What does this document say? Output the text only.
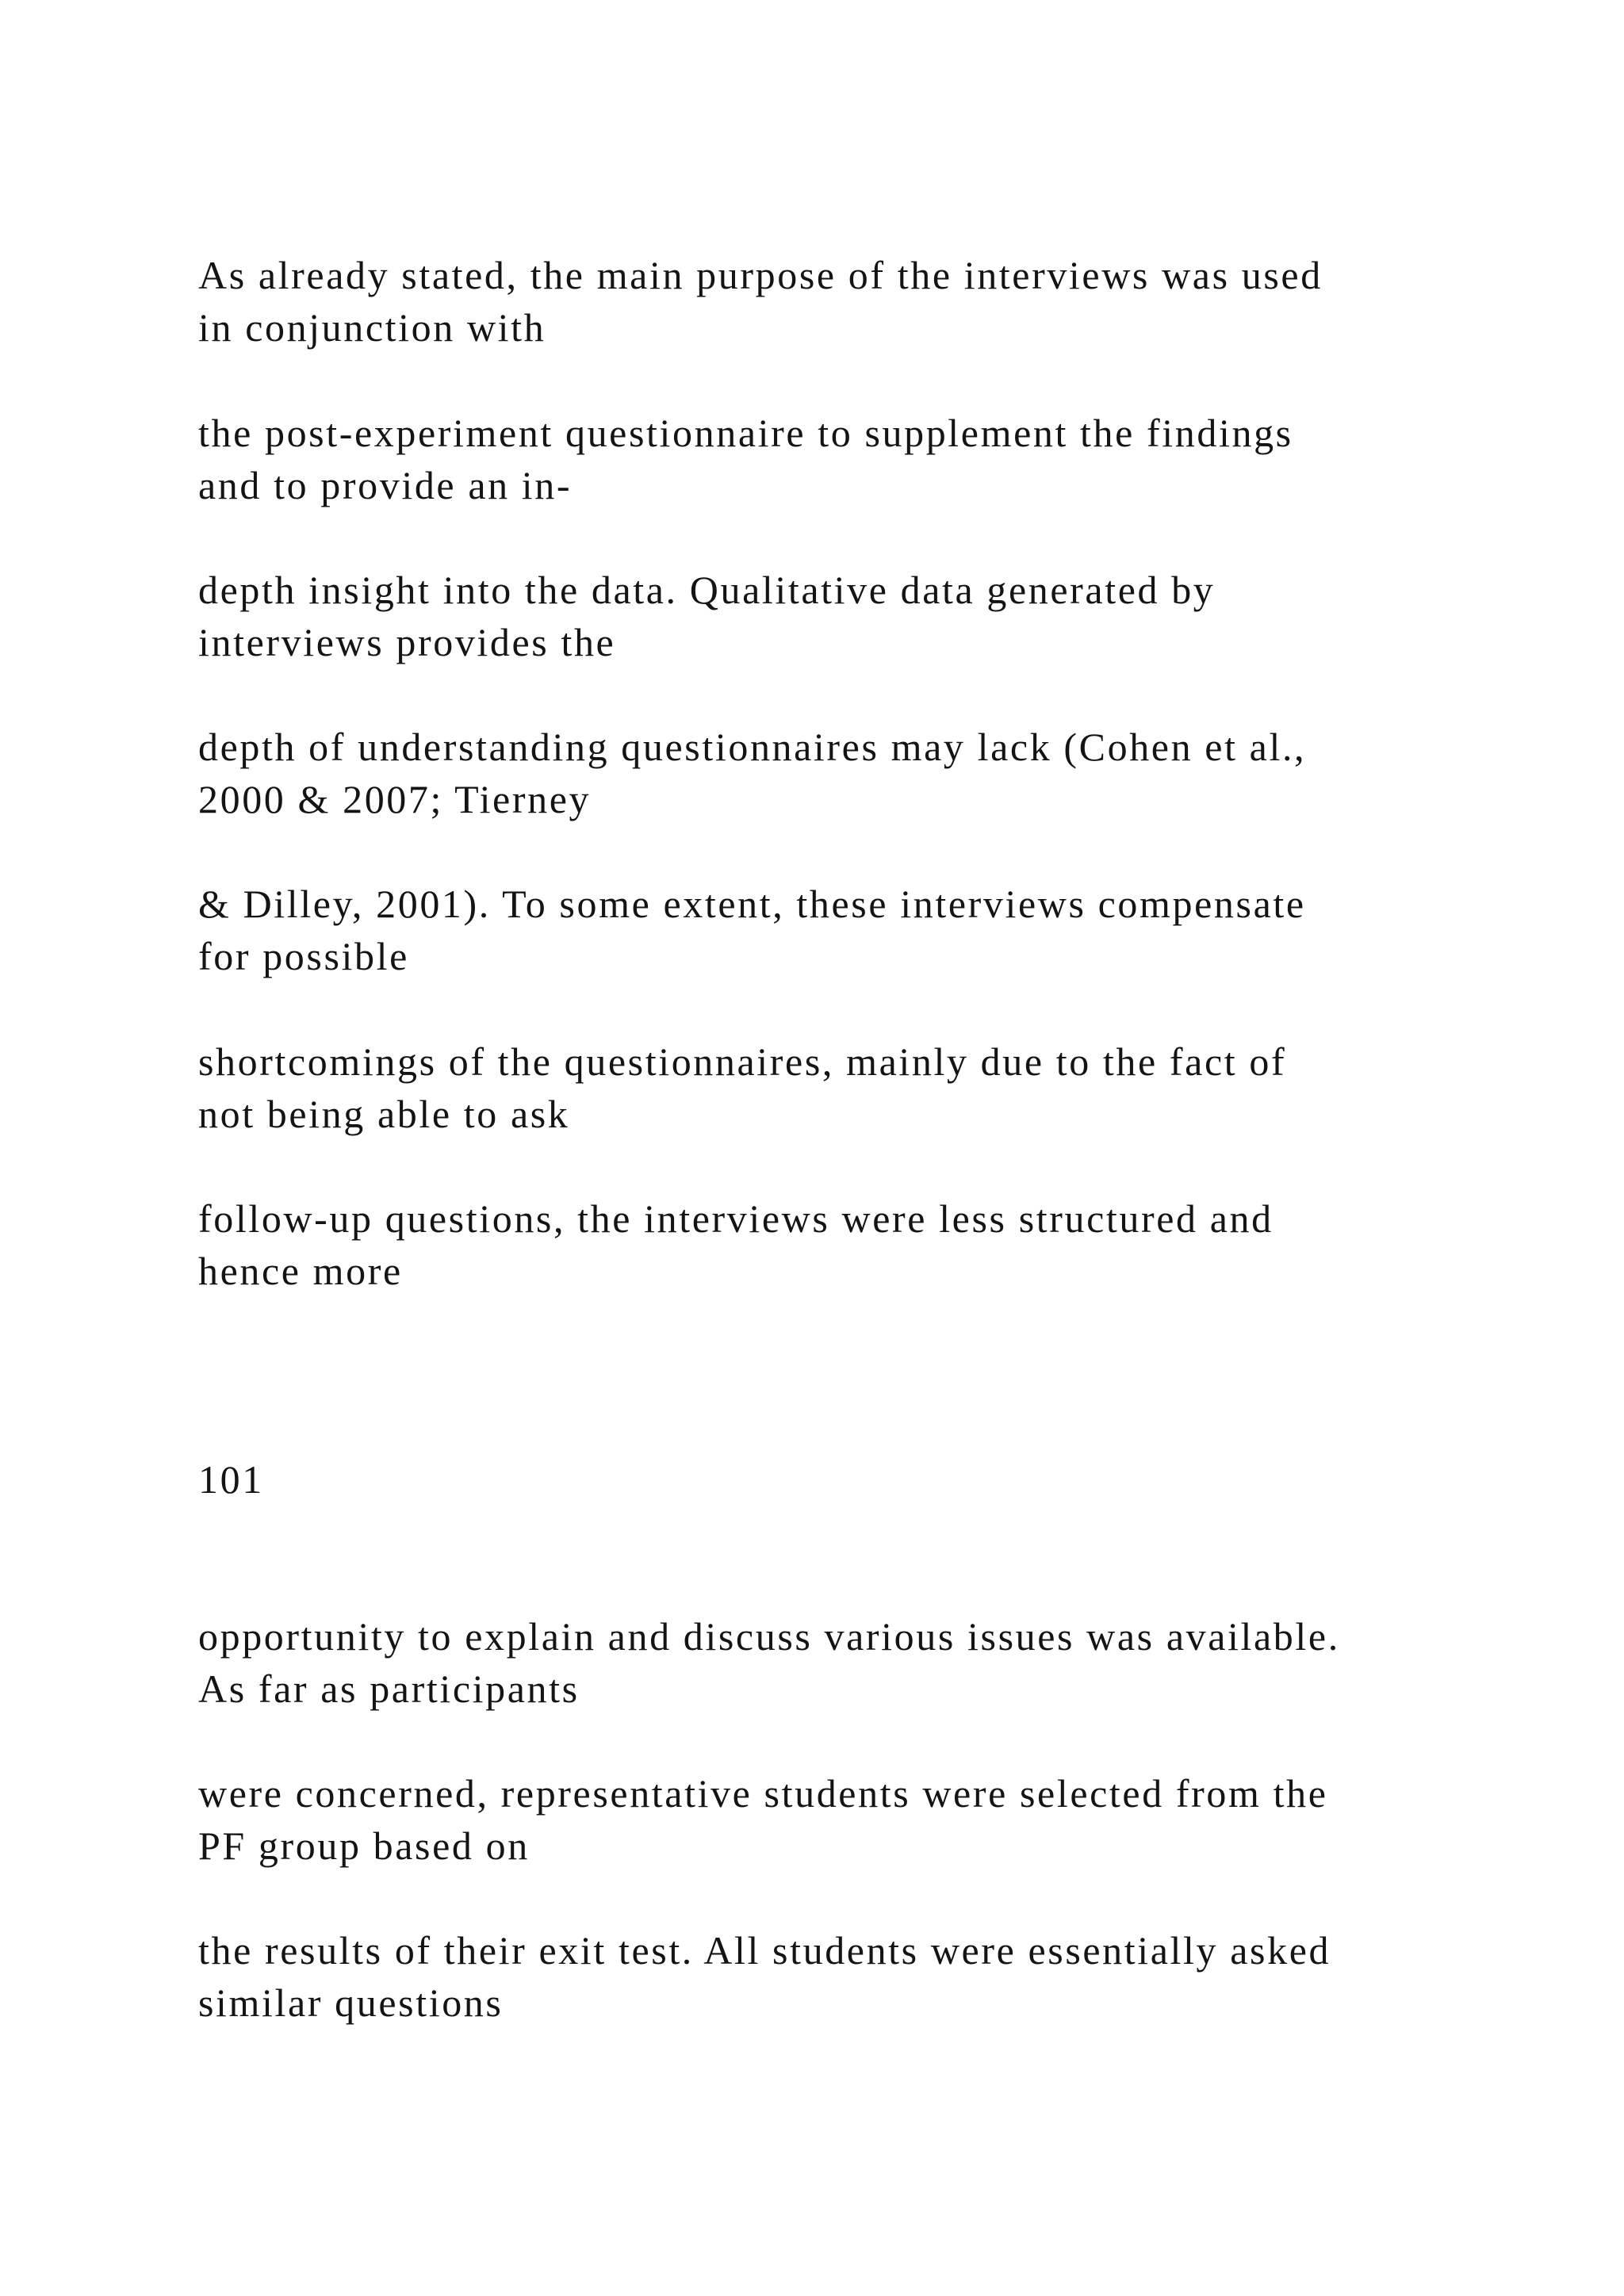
As already stated, the main purpose of the interviews was used

in conjunction with

the post-experiment questionnaire to supplement the findings

and to provide an in-

depth insight into the data. Qualitative data generated by

interviews provides the

depth of understanding questionnaires may lack (Cohen et al.,

2000 & 2007; Tierney

& Dilley, 2001). To some extent, these interviews compensate

for possible

shortcomings of the questionnaires, mainly due to the fact of

not being able to ask

follow-up questions, the interviews were less structured and

hence more

101

opportunity to explain and discuss various issues was available.

As far as participants

were concerned, representative students were selected from the

PF group based on

the results of their exit test. All students were essentially asked

similar questions
